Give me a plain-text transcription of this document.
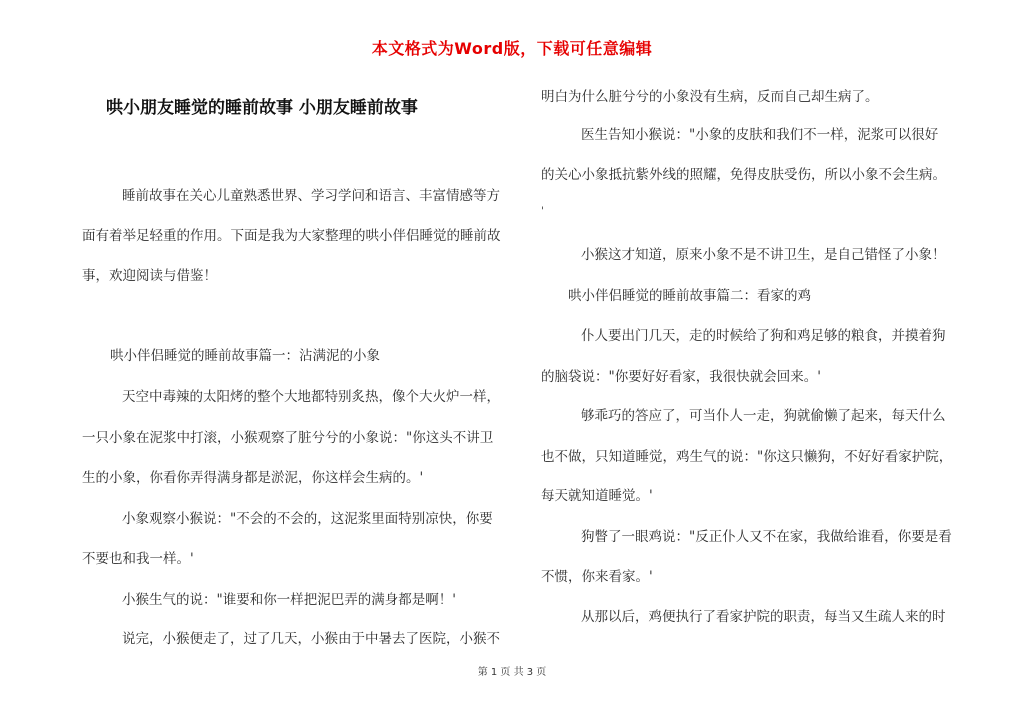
本文格式为Word版，下载可任意编辑
哄小朋友睡觉的睡前故事 小朋友睡前故事
睡前故事在关心儿童熟悉世界、学习学问和语言、丰富情感等方
面有着举足轻重的作用。下面是我为大家整理的哄小伴侣睡觉的睡前故
事，欢迎阅读与借鉴！
哄小伴侣睡觉的睡前故事篇一：沾满泥的小象
天空中毒辣的太阳烤的整个大地都特别炙热，像个大火炉一样，
一只小象在泥浆中打滚，小猴观察了脏兮兮的小象说："你这头不讲卫
生的小象，你看你弄得满身都是淤泥，你这样会生病的。'
小象观察小猴说："不会的不会的，这泥浆里面特别凉快，你要
不要也和我一样。'
小猴生气的说："谁要和你一样把泥巴弄的满身都是啊！'
说完，小猴便走了，过了几天，小猴由于中暑去了医院，小猴不
明白为什么脏兮兮的小象没有生病，反而自己却生病了。
医生告知小猴说："小象的皮肤和我们不一样，泥浆可以很好
的关心小象抵抗紫外线的照耀，免得皮肤受伤，所以小象不会生病。
'
小猴这才知道，原来小象不是不讲卫生，是自己错怪了小象！
哄小伴侣睡觉的睡前故事篇二：看家的鸡
仆人要出门几天，走的时候给了狗和鸡足够的粮食，并摸着狗
的脑袋说："你要好好看家，我很快就会回来。'
够乖巧的答应了，可当仆人一走，狗就偷懒了起来，每天什么
也不做，只知道睡觉，鸡生气的说："你这只懒狗，不好好看家护院，
每天就知道睡觉。'
狗瞥了一眼鸡说："反正仆人又不在家，我做给谁看，你要是看
不惯，你来看家。'
从那以后，鸡便执行了看家护院的职责，每当又生疏人来的时
第 1 页 共 3 页
